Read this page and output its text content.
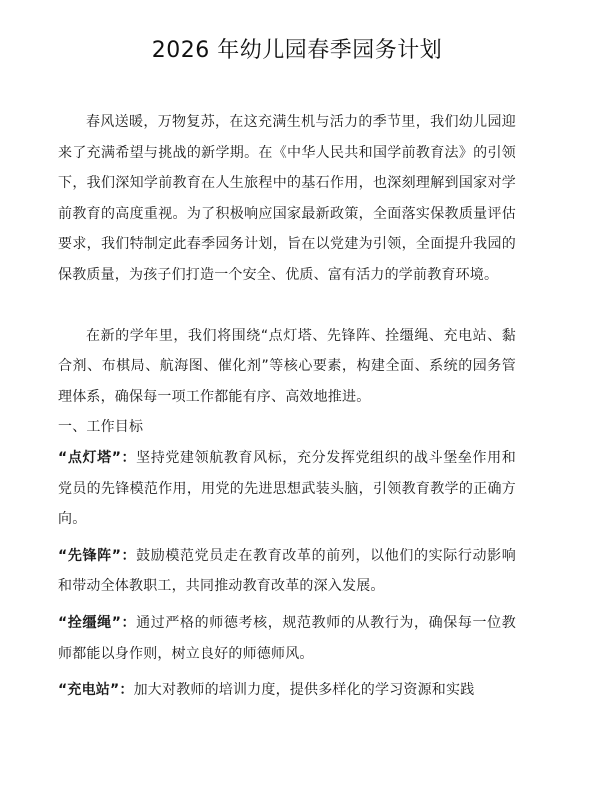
2026 年幼儿园春季园务计划

春风送暖，万物复苏，在这充满生机与活力的季节里，我们幼儿园迎来了充满希望与挑战的新学期。在《中华人民共和国学前教育法》的引领下，我们深知学前教育在人生旅程中的基石作用，也深刻理解到国家对学前教育的高度重视。为了积极响应国家最新政策，全面落实保教质量评估要求，我们特制定此春季园务计划，旨在以党建为引领，全面提升我园的保教质量，为孩子们打造一个安全、优质、富有活力的学前教育环境。

在新的学年里，我们将围绕“点灯塔、先锋阵、拴缰绳、充电站、黏合剂、布棋局、航海图、催化剂”等核心要素，构建全面、系统的园务管理体系，确保每一项工作都能有序、高效地推进。

一、工作目标

“点灯塔”：坚持党建领航教育风标，充分发挥党组织的战斗堡垒作用和党员的先锋模范作用，用党的先进思想武装头脑，引领教育教学的正确方向。

“先锋阵”：鼓励模范党员走在教育改革的前列，以他们的实际行动影响和带动全体教职工，共同推动教育改革的深入发展。

“拴缰绳”：通过严格的师德考核，规范教师的从教行为，确保每一位教师都能以身作则，树立良好的师德师风。

“充电站”：加大对教师的培训力度，提供多样化的学习资源和实践
